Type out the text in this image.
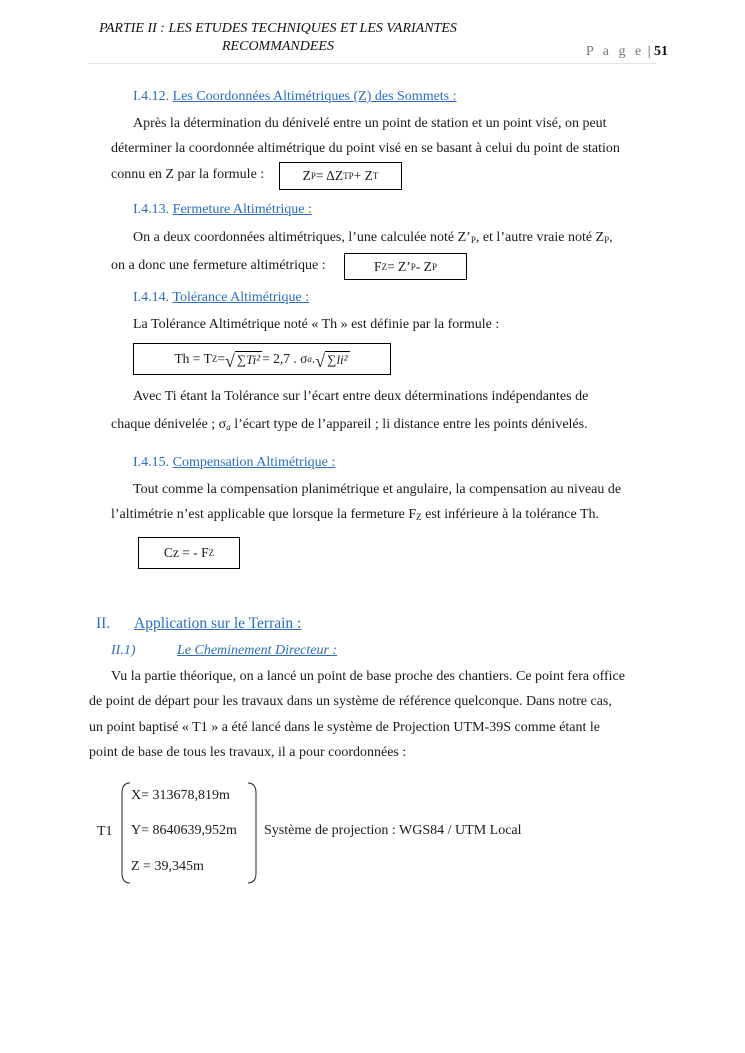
PARTIE II : LES ETUDES TECHNIQUES ET LES VARIANTES
RECOMMANDEES	P a g e | 51
I.4.12. Les Coordonnées Altimétriques (Z) des Sommets :
Après la détermination du dénivelé entre un point de station et un point visé, on peut
déterminer la coordonnée altimétrique du point visé en se basant à celui du point de station
connu en Z par la formule :	Z P = ΔZ TP + Z T
I.4.13. Fermeture Altimétrique :
On a deux coordonnées altimétriques, l’une calculée noté $Z’_P$, et l’autre vraie noté $Z_P$,
on a donc une fermeture altimétrique :	F Z = Z’ P - Z P
I.4.14. Tolérance Altimétrique :
La Tolérance Altimétrique noté « Th » est définie par la formule :
Th = T Z = √ ∑Ti² = 2,7 . σ a . √ ∑li²
Avec Ti étant la Tolérance sur l’écart entre deux déterminations indépendantes de
chaque dénivelée ; $\sigma_a$ l’écart type de l’appareil ; li distance entre les points dénivelés.
I.4.15. Compensation Altimétrique :
Tout comme la compensation planimétrique et angulaire, la compensation au niveau de
l’altimétrie n’est applicable que lorsque la fermeture $F_Z$ est inférieure à la tolérance Th.
Cz = - F Z
II. Application sur le Terrain :
II.1)	Le Cheminement Directeur :
Vu la partie théorique, on a lancé un point de base proche des chantiers. Ce point fera office
de point de départ pour les travaux dans un système de référence quelconque. Dans notre cas,
un point baptisé « T1 » a été lancé dans le système de Projection UTM-39S comme étant le
point de base de tous les travaux, il a pour coordonnées :
T1
X= 313678,819m
Y= 8640639,952m
Z = 39,345m
Système de projection : WGS84 / UTM Local
